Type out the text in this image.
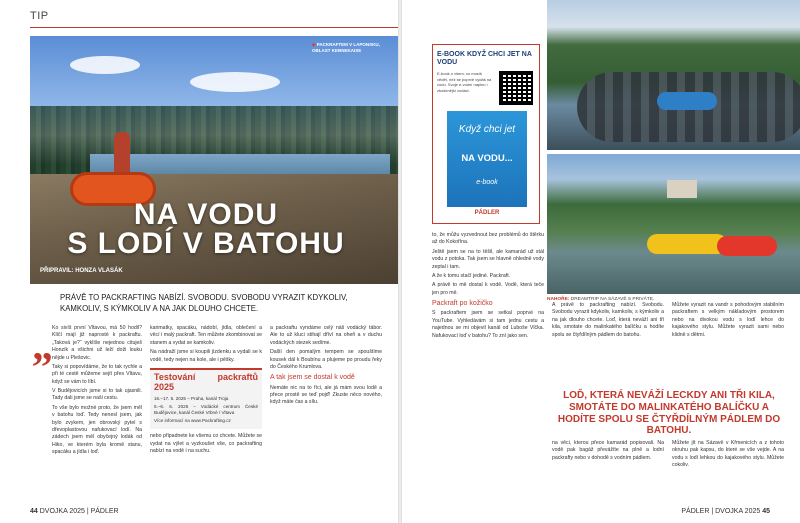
TIP
◆ PACKRAFTEM V LAPONSKU, OBLAST KEBNEKAISE
NA VODU
S LODÍ V BATOHU
PŘIPRAVIL: HONZA VLASÁK
PRÁVĚ TO PACKRAFTING NABÍZÍ. SVOBODU. SVOBODU VYRAZIT KDYKOLIV, KAMKOLIV, S KÝMKOLIV A NA JAK DLOUHO CHCETE.
„ Ko sivíš první Vltavou, má 50 hodil? Klíčí mají již naprosté k packraftu. „Taková je?“ vyklíše nejednou cituješ Honzík a všichni už leží doži louku nějde u Plešovic.

Taky si popovídáme, že to tak rychle a při té cestě můžeme sejít přes Vltavu, když se vám to líbí.

V Budějovicích jsme si to tak ujasnili. Tady dali jsme se naši cestu.

To vše bylo možné proto, že jsem měl v batohu loď. Tedy nenesl jsem, jak bylo zvykem, jen obrovský pytel s dřevoplastovou nafukovací lodí. Na zádech jsem měl obyčejný lodák od Hiko, ve kterém byla kromě stanu, spacáku a jídla i loď.

karimatky, spacáku, nádobí, jídla, oblečení a věcí i malý packraft. Ten můžete zkombinovat se stanem a vydat se kamkoliv.

Na nádraží jsme si koupili jízdenku a vydali se k vodě, tedy nejen na kole, ale i pěšky.

Testování packraftů 2025
16.–17. 5. 2025 – Praha, kanál Troja
5.–6. 6. 2025 – Vodácké centrum České Budějovice, kanál České Vrbné / Vltava
Více informací na www.Packrafting.cz

nebo připadnete ke všemu co chcete. Můžete se vydat na výlet a vyzkoušet vše, co packrafting nabízí na vodě i na suchu.

a packraftu vyndáme celý náš vodácký tábor. Ale to už kluci stihají dříví na oheň a v duchu vodáckých stezek sedíme.

Další den pomalým tempem se spouštíme kousek dál k Boubínu a plujeme po proudu řeky do Českého Krumlova.

A tak jsem se dostal k vodě

Nemáte nic na to říci, ale já mám svou lodě a přece prostě se teď pojď! Zkuste něco nového, když máte čas a sílu.

44 DVOJKA 2025 | PÁDLER
E-BOOK KDYŽ CHCI JET NA VODU
E-book o všem, co musíš vědět, než se poprvé vydáš na vodu. Svoje e-vodní naplnu i zkušenější vodáci.
Když chci jet
NA VODU...
e-book
PÁDLER
NAHOŘE: DREAMTRIP NA SÁZAVĚ S PRIVÁTE.

to, že můžu vyzvednout bez problémů do štěrku až do Kokořína.

Ještě jsem se na to těšil, ale kamarád už stál vodu z potoka. Tak jsem se hlavně ohledně vody zeptal i tam.

A že k tomu stačí jediné. Packraft.

A právě to mě dostal k vodě. Vodě, která teče jen pro mě.

Packraft po kožičko

S packraftem jsem se setkal poprvé na YouTube. Vyhledávám si tam jednu cestu a najednou se mi objevil kanál od Luboše Vlčka. Nafukovací loď v batohu? To zní jako sen.

A právě to packrafting nabízí. Svobodu. Svobodu vyrazit kdykoliv, kamkoliv, s kýmkoliv a na jak dlouho chcete. Loď, která neváží ani tři kila, smotate do malinkatého balíčku a hodíte spolu se čtyřdílným pádlem do batohu.

Můžete vyrazit na vandr s pohodovým stabilním packraftem s velkým nákladovým prostorem nebo na divokou vodu s lodí lehce do kajakového stylu. Můžete vyrazit sami nebo klidně s dětmi.

LOĎ, KTERÁ NEVÁŽÍ LECKDY ANI TŘI KILA, SMOTÁTE DO MALINKATÉHO BALÍČKU A HODÍTE SPOLU SE ČTYŘDÍLNÝM PÁDLEM DO BATOHU.

na věci, kterou přece kamarád popisovali. Na vodě pak bagáž převážíte na plně a lodní packrafty nebo v dohodě s vodním pádlem.

Můžete jít na Sázavě v Křmenicích a z tohoto okruhu pak kapsu, do které se vše vejde. A na vodu s lodí lehkou do kajakového stylu. Můžete cokoliv.

PÁDLER | DVOJKA 2025 45
